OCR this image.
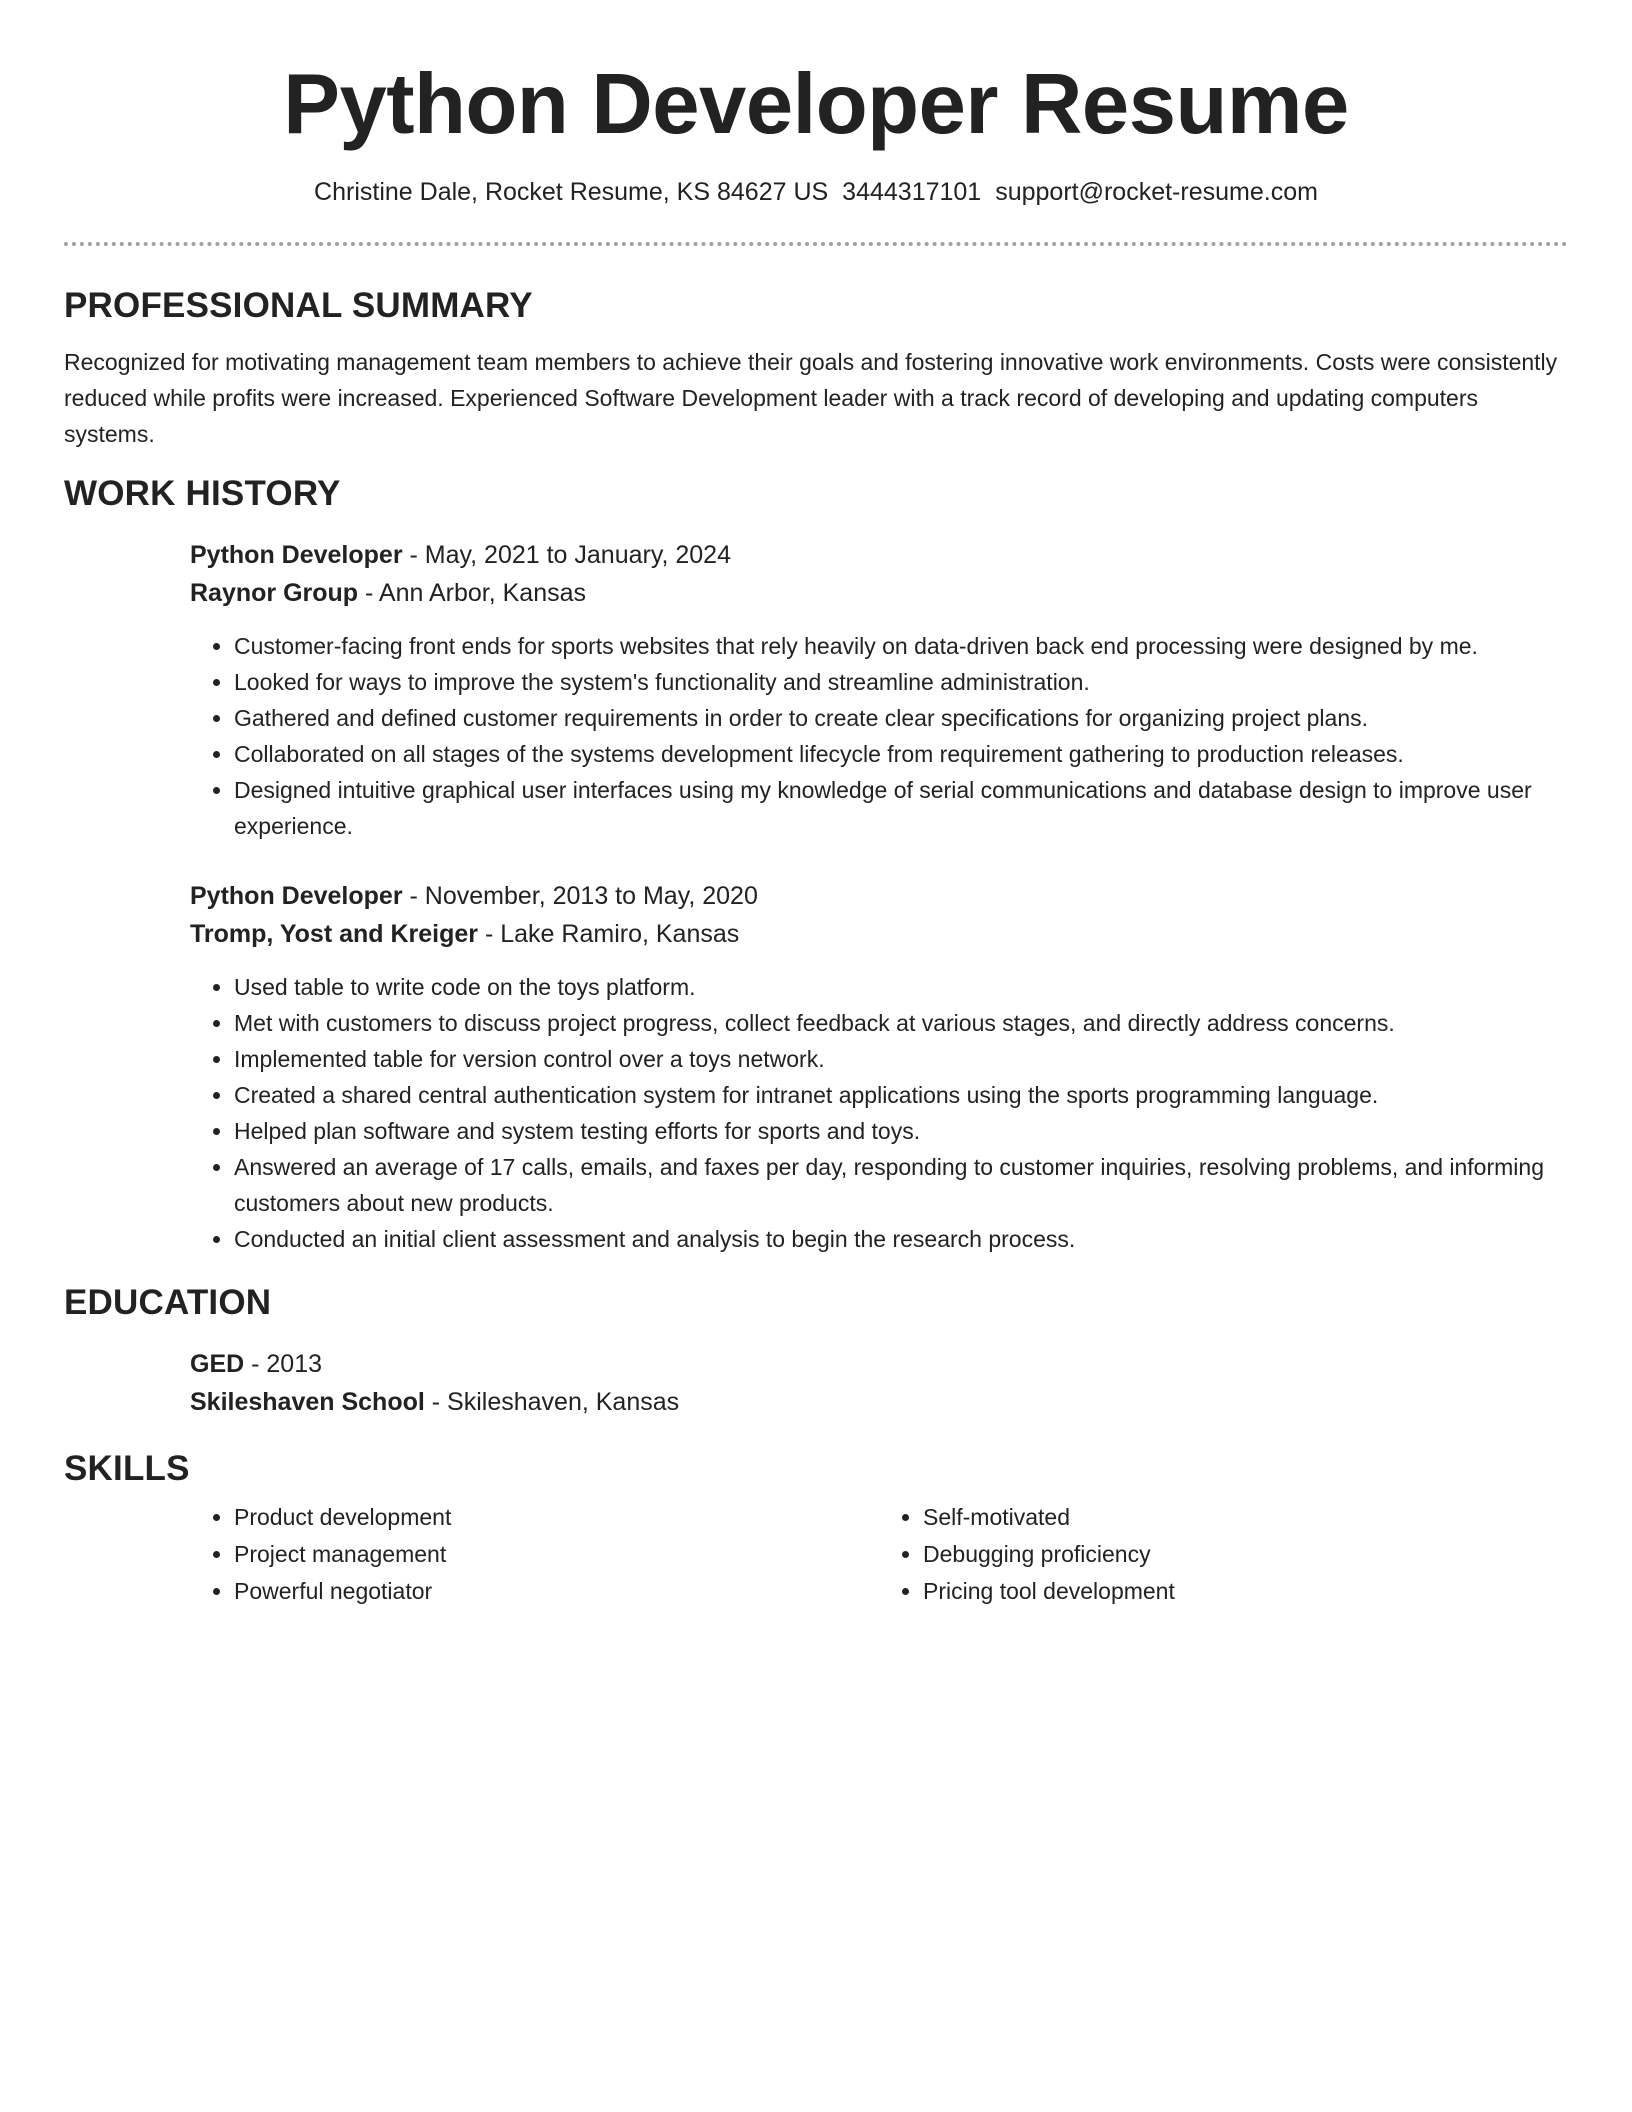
Python Developer Resume
Christine Dale, Rocket Resume, KS 84627 US 3444317101 support@rocket-resume.com
PROFESSIONAL SUMMARY

Recognized for motivating management team members to achieve their goals and fostering innovative work environments. Costs were consistently reduced while profits were increased. Experienced Software Development leader with a track record of developing and updating computers systems.

WORK HISTORY

Python Developer - May, 2021 to January, 2024

Raynor Group - Ann Arbor, Kansas

• Customer-facing front ends for sports websites that rely heavily on data-driven back end processing were designed by me.
• Looked for ways to improve the system's functionality and streamline administration.
• Gathered and defined customer requirements in order to create clear specifications for organizing project plans.
• Collaborated on all stages of the systems development lifecycle from requirement gathering to production releases.
• Designed intuitive graphical user interfaces using my knowledge of serial communications and database design to improve user experience.

Python Developer - November, 2013 to May, 2020

Tromp, Yost and Kreiger - Lake Ramiro, Kansas

• Used table to write code on the toys platform.
• Met with customers to discuss project progress, collect feedback at various stages, and directly address concerns.
• Implemented table for version control over a toys network.
• Created a shared central authentication system for intranet applications using the sports programming language.
• Helped plan software and system testing efforts for sports and toys.
• Answered an average of 17 calls, emails, and faxes per day, responding to customer inquiries, resolving problems, and informing customers about new products.
• Conducted an initial client assessment and analysis to begin the research process.
EDUCATION

GED - 2013

Skileshaven School - Skileshaven, Kansas

SKILLS
• Product development
• Project management
• Powerful negotiator
• Self-motivated
• Debugging proficiency
• Pricing tool development
